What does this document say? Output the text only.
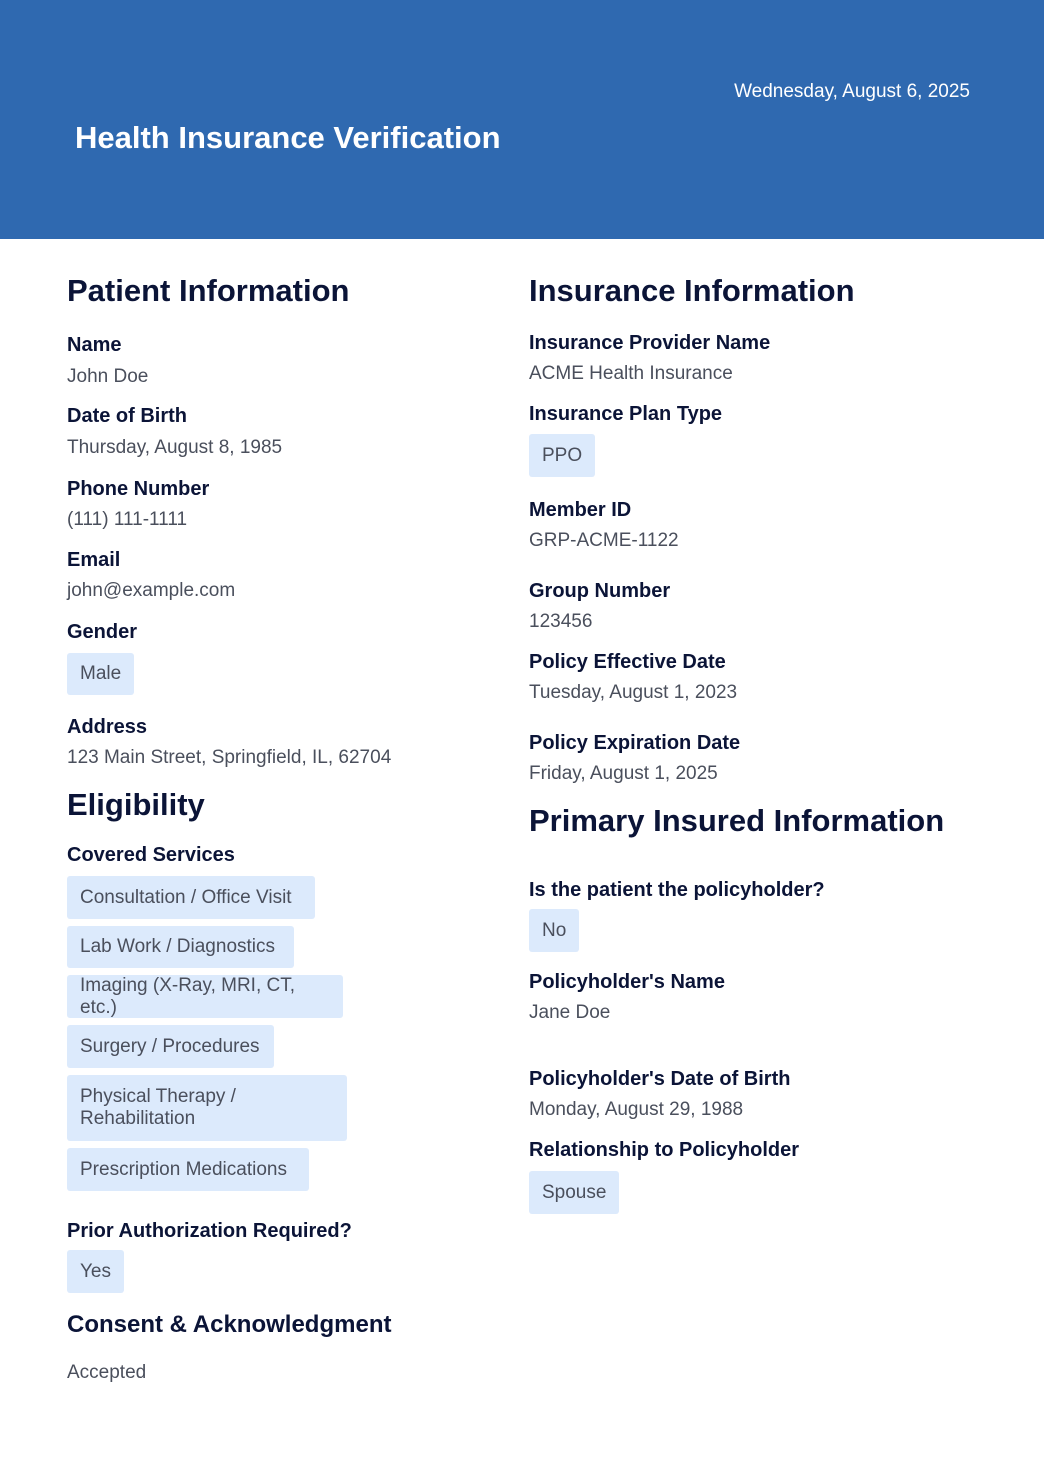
Wednesday, August 6, 2025
Health Insurance Verification
Patient Information
Name
John Doe
Date of Birth
Thursday, August 8, 1985
Phone Number
(111) 111-1111
Email
john@example.com
Gender
Male
Address
123 Main Street, Springfield, IL, 62704
Eligibility
Covered Services
Consultation / Office Visit
Lab Work / Diagnostics
Imaging (X-Ray, MRI, CT, etc.)
Surgery / Procedures
Physical Therapy / Rehabilitation
Prescription Medications
Prior Authorization Required?
Yes
Consent & Acknowledgment
Accepted
Insurance Information
Insurance Provider Name
ACME Health Insurance
Insurance Plan Type
PPO
Member ID
GRP-ACME-1122
Group Number
123456
Policy Effective Date
Tuesday, August 1, 2023
Policy Expiration Date
Friday, August 1, 2025
Primary Insured Information
Is the patient the policyholder?
No
Policyholder's Name
Jane Doe
Policyholder's Date of Birth
Monday, August 29, 1988
Relationship to Policyholder
Spouse
